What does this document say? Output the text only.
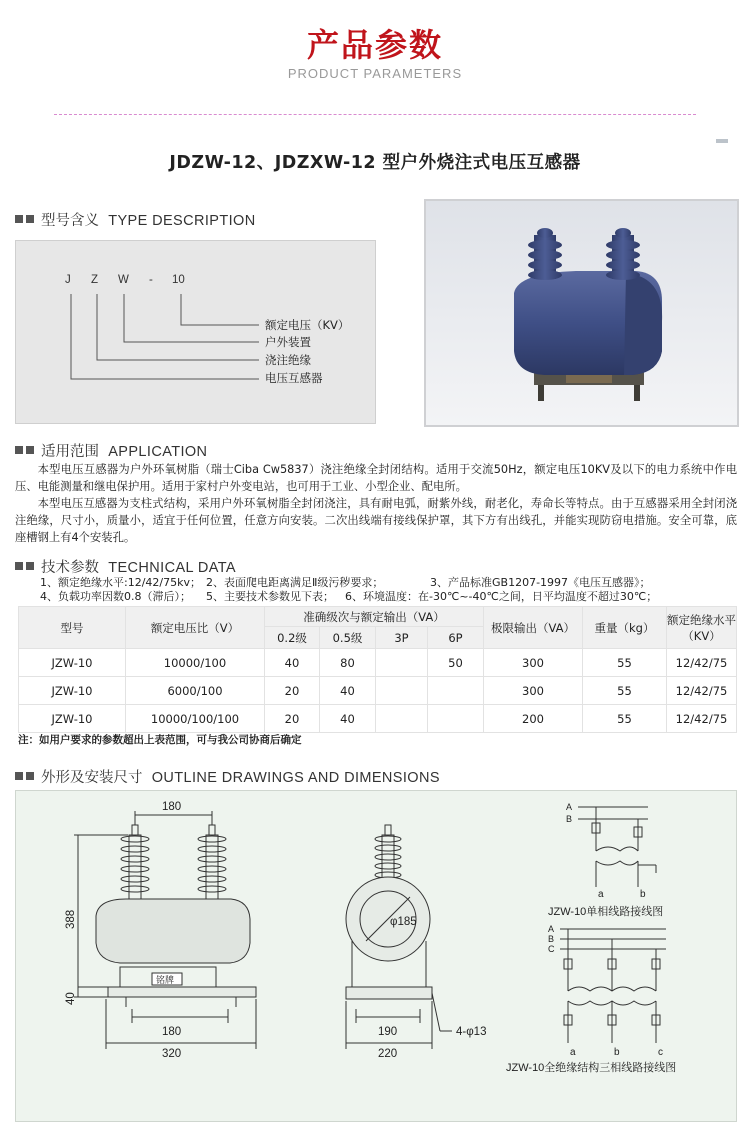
产品参数
PRODUCT PARAMETERS
JDZW-12、JDZXW-12 型户外烧注式电压互感器
型号含义 TYPE DESCRIPTION
J Z W - 10
额定电压（KV）
户外装置
浇注绝缘
电压互感器
适用范围 APPLICATION
本型电压互感器为户外环氧树脂（瑞士Ciba Cw5837）浇注绝缘全封闭结构。适用于交流50Hz，额定电压10KV及以下的电力系统中作电压、电能测量和继电保护用。适用于家村户外变电站，也可用于工业、小型企业、配电所。
本型电压互感器为支柱式结构，采用户外环氧树脂全封闭浇注，具有耐电弧，耐紫外线，耐老化，寿命长等特点。由于互感器采用全封闭浇注绝缘，尺寸小，质量小，适宜于任何位置，任意方向安装。二次出线端有接线保护罩，其下方有出线孔，并能实现防窃电措施。安全可靠，底座槽钢上有4个安装孔。
技术参数 TECHNICAL DATA
1、额定绝缘水平:12/42/75kv； 2、表面爬电距离满足Ⅱ级污秽要求；	3、产品标准GB1207-1997《电压互感器》；
4、负载功率因数0.8（滞后）； 5、主要技术参数见下表； 6、环境温度：在-30℃~-40℃之间，日平均温度不超过30℃；
型号	额定电压比（V）	准确级次与额定输出（VA）				极限输出（VA）	重量（kg）	额定绝缘水平（KV）
		0.2级	0.5级	3P	6P			
JZW-10	10000/100	40	80		50	300	55	12/42/75
JZW-10	6000/100	20	40			300	55	12/42/75
JZW-10	10000/100/100	20	40			200	55	12/42/75
注：如用户要求的参数超出上表范围，可与我公司协商后确定
外形及安装尺寸 OUTLINE DRAWINGS AND DIMENSIONS
180
388
40
180
320
铭牌
φ185
190
220
4-φ13
A
B
a	b
JZW-10单相线路接线图
A
B
C
a	b	c
JZW-10全绝缘结构三相线路接线图
